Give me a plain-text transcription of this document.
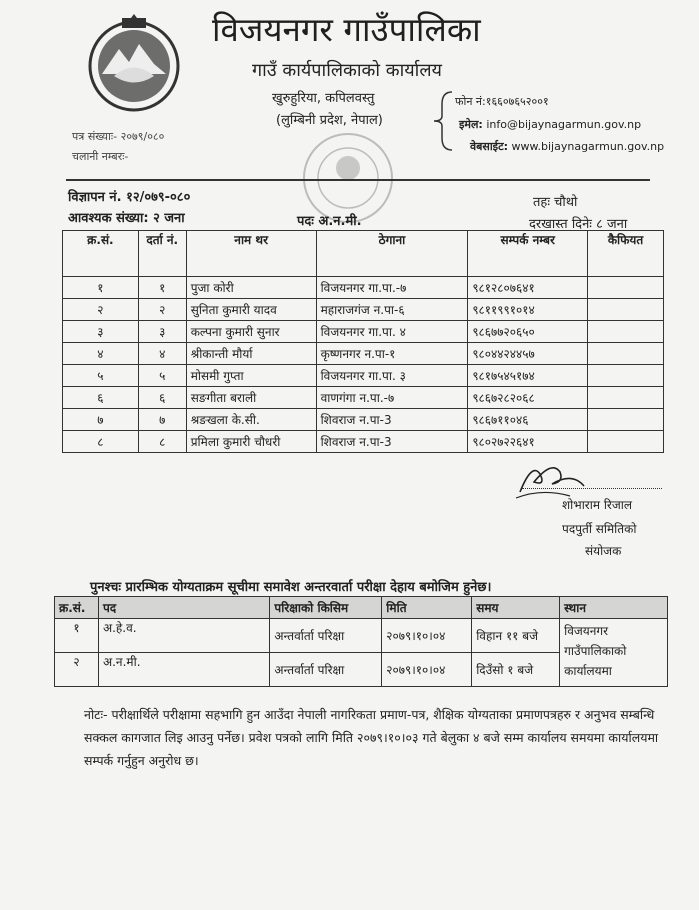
विजयनगर गाउँपालिका
गाउँ कार्यपालिकाको कार्यालय
खुरुहुरिया, कपिलवस्तु
(लुम्बिनी प्रदेश, नेपाल)
फोन नं:१६६०७६५२००१
इमेल: info@bijaynagarmun.gov.np
वेबसाईट: www.bijaynagarmun.gov.np
पत्र संख्याः- २०७९/०८०
चलानी नम्बरः-
विज्ञापन नं. १२/०७९-०८०
आवश्यक संख्या: २ जना	पदः अ.न.मी.
तहः चौथो
दरखास्त दिनेः ८ जना
क्र.सं.	दर्ता नं.	नाम थर	ठेगाना	सम्पर्क नम्बर	कैफियत
१	१	पुजा कोरी	विजयनगर गा.पा.-७	९८१२८०७६४१	
२	२	सुनिता कुमारी यादव	महाराजगंज न.पा-६	९८११९९१०१४	
३	३	कल्पना कुमारी सुनार	विजयनगर गा.पा. ४	९८६७७२०६५०	
४	४	श्रीकान्ती मौर्या	कृष्णनगर न.पा-१	९८०४४२४४५७	
५	५	मोसमी गुप्ता	विजयनगर गा.पा. ३	९८१७५४५१७४	
६	६	सङगीता बराली	वाणगंगा न.पा.-७	९८६७२८२०६८	
७	७	श्रङखला के.सी.	शिवराज न.पा-3	९८६७११०४६	
८	८	प्रमिला कुमारी चौधरी	शिवराज न.पा-3	९८०२७२२६४१	
शोभाराम रिजाल
पदपुर्ती समितिको
संयोजक
पुनश्चः प्रारम्भिक योग्यताक्रम सूचीमा समावेश अन्तरवार्ता परीक्षा देहाय बमोजिम हुनेछ।
क्र.सं.	पद	परिक्षाको किसिम	मिति	समय	स्थान
१	अ.हे.व.	अन्तर्वार्ता परिक्षा	२०७९।१०।०४	विहान ११ बजे	विजयनगर
गाउँपालिकाको
कार्यालयमा

२	अ.न.मी.	अन्तर्वार्ता परिक्षा	२०७९।१०।०४	दिउँसो १ बजे	
नोटः- परीक्षार्थिले परीक्षामा सहभागि हुन आउँदा नेपाली नागरिकता प्रमाण-पत्र, शैक्षिक योग्यताका प्रमाणपत्रहरु र अनुभव सम्बन्धि सक्कल कागजात लिइ आउनु पर्नेछ। प्रवेश पत्रको लागि मिति २०७९।१०।०३ गते बेलुका ४ बजे सम्म कार्यालय समयमा कार्यालयमा सम्पर्क गर्नुहुन अनुरोध छ।
